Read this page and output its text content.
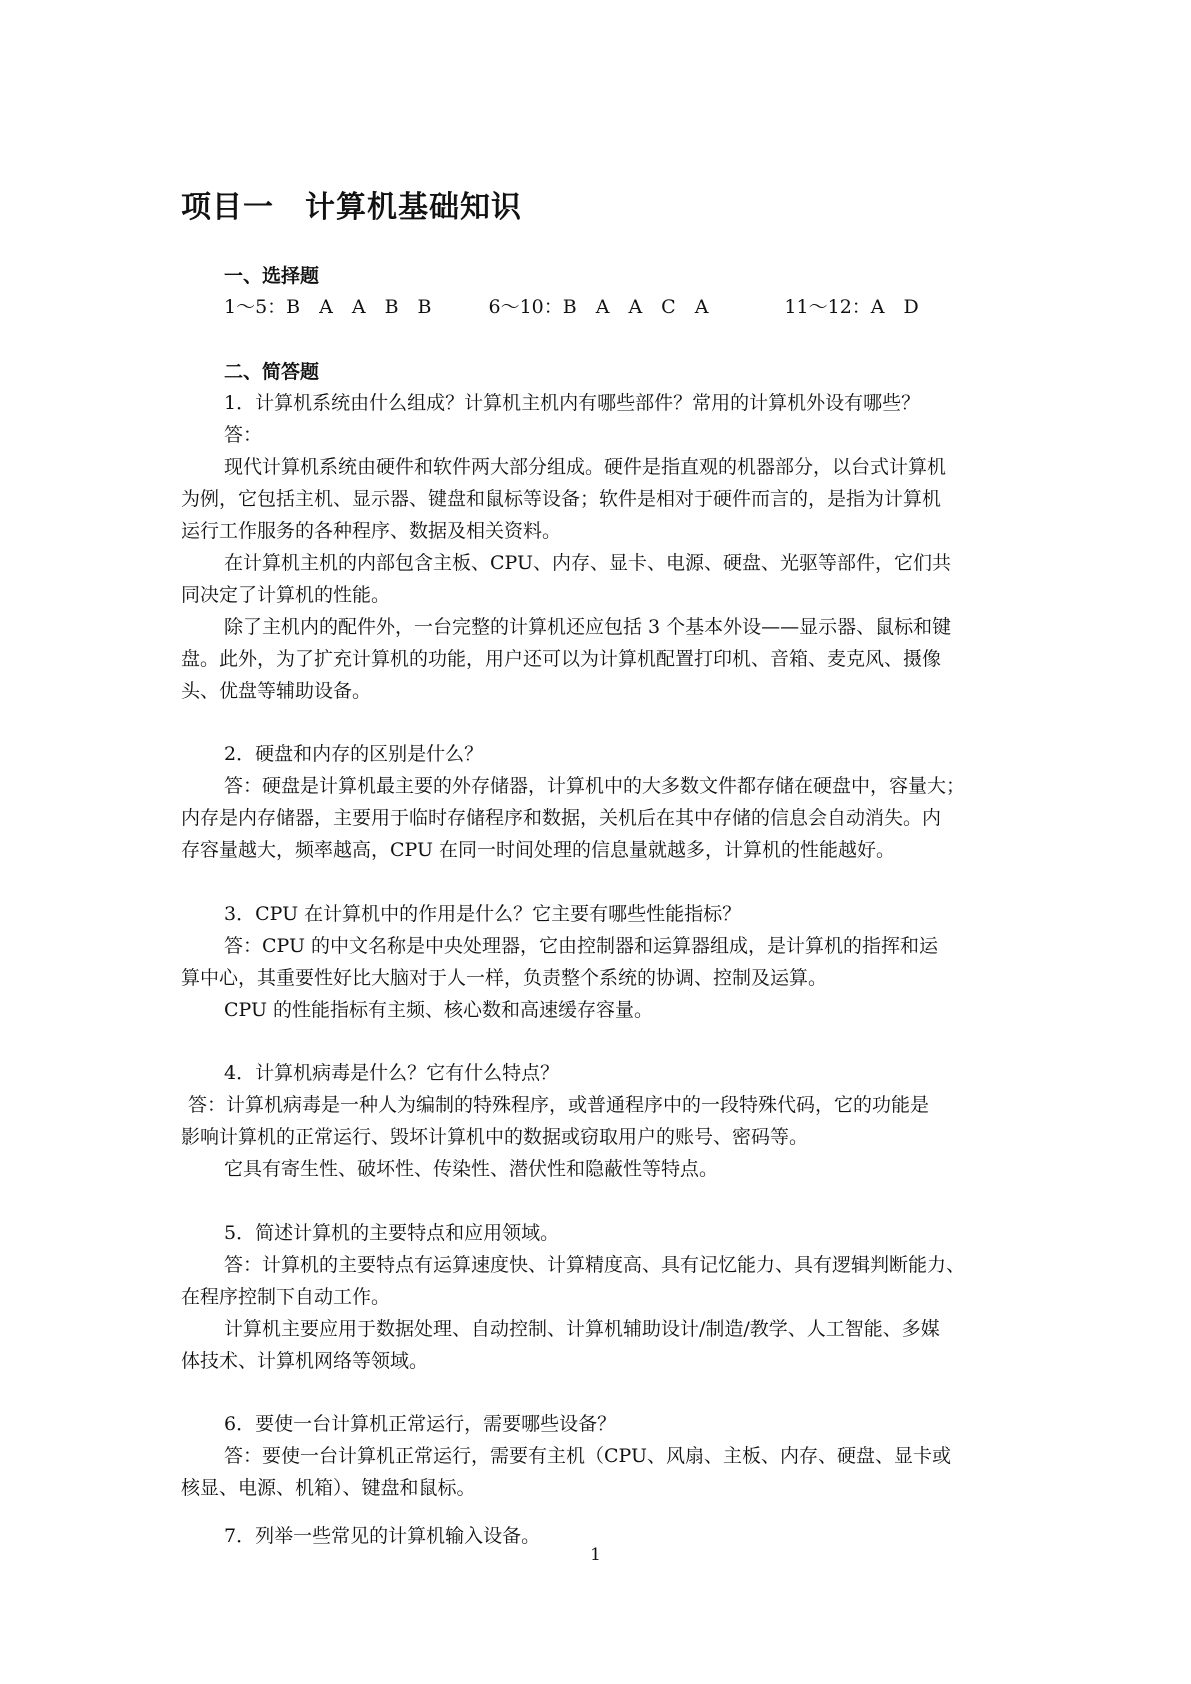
项目一　计算机基础知识
一、选择题
1～5：B　A　A　B　B　　　6～10：B　A　A　C　A　　　　11～12：A　D
二、简答题
1．计算机系统由什么组成？计算机主机内有哪些部件？常用的计算机外设有哪些？
答：
现代计算机系统由硬件和软件两大部分组成。硬件是指直观的机器部分，以台式计算机
为例，它包括主机、显示器、键盘和鼠标等设备；软件是相对于硬件而言的，是指为计算机
运行工作服务的各种程序、数据及相关资料。
在计算机主机的内部包含主板、CPU、内存、显卡、电源、硬盘、光驱等部件，它们共
同决定了计算机的性能。
除了主机内的配件外，一台完整的计算机还应包括 3 个基本外设——显示器、鼠标和键
盘。此外，为了扩充计算机的功能，用户还可以为计算机配置打印机、音箱、麦克风、摄像
头、优盘等辅助设备。
2．硬盘和内存的区别是什么？
答：硬盘是计算机最主要的外存储器，计算机中的大多数文件都存储在硬盘中，容量大；
内存是内存储器，主要用于临时存储程序和数据，关机后在其中存储的信息会自动消失。内
存容量越大，频率越高，CPU 在同一时间处理的信息量就越多，计算机的性能越好。
3．CPU 在计算机中的作用是什么？它主要有哪些性能指标？
答：CPU 的中文名称是中央处理器，它由控制器和运算器组成，是计算机的指挥和运
算中心，其重要性好比大脑对于人一样，负责整个系统的协调、控制及运算。
CPU 的性能指标有主频、核心数和高速缓存容量。
4．计算机病毒是什么？它有什么特点？
答：计算机病毒是一种人为编制的特殊程序，或普通程序中的一段特殊代码，它的功能是
影响计算机的正常运行、毁坏计算机中的数据或窃取用户的账号、密码等。
它具有寄生性、破坏性、传染性、潜伏性和隐蔽性等特点。
5．简述计算机的主要特点和应用领域。
答：计算机的主要特点有运算速度快、计算精度高、具有记忆能力、具有逻辑判断能力、
在程序控制下自动工作。
计算机主要应用于数据处理、自动控制、计算机辅助设计/制造/教学、人工智能、多媒
体技术、计算机网络等领域。
6．要使一台计算机正常运行，需要哪些设备？
答：要使一台计算机正常运行，需要有主机（CPU、风扇、主板、内存、硬盘、显卡或
核显、电源、机箱）、键盘和鼠标。
7．列举一些常见的计算机输入设备。
1
